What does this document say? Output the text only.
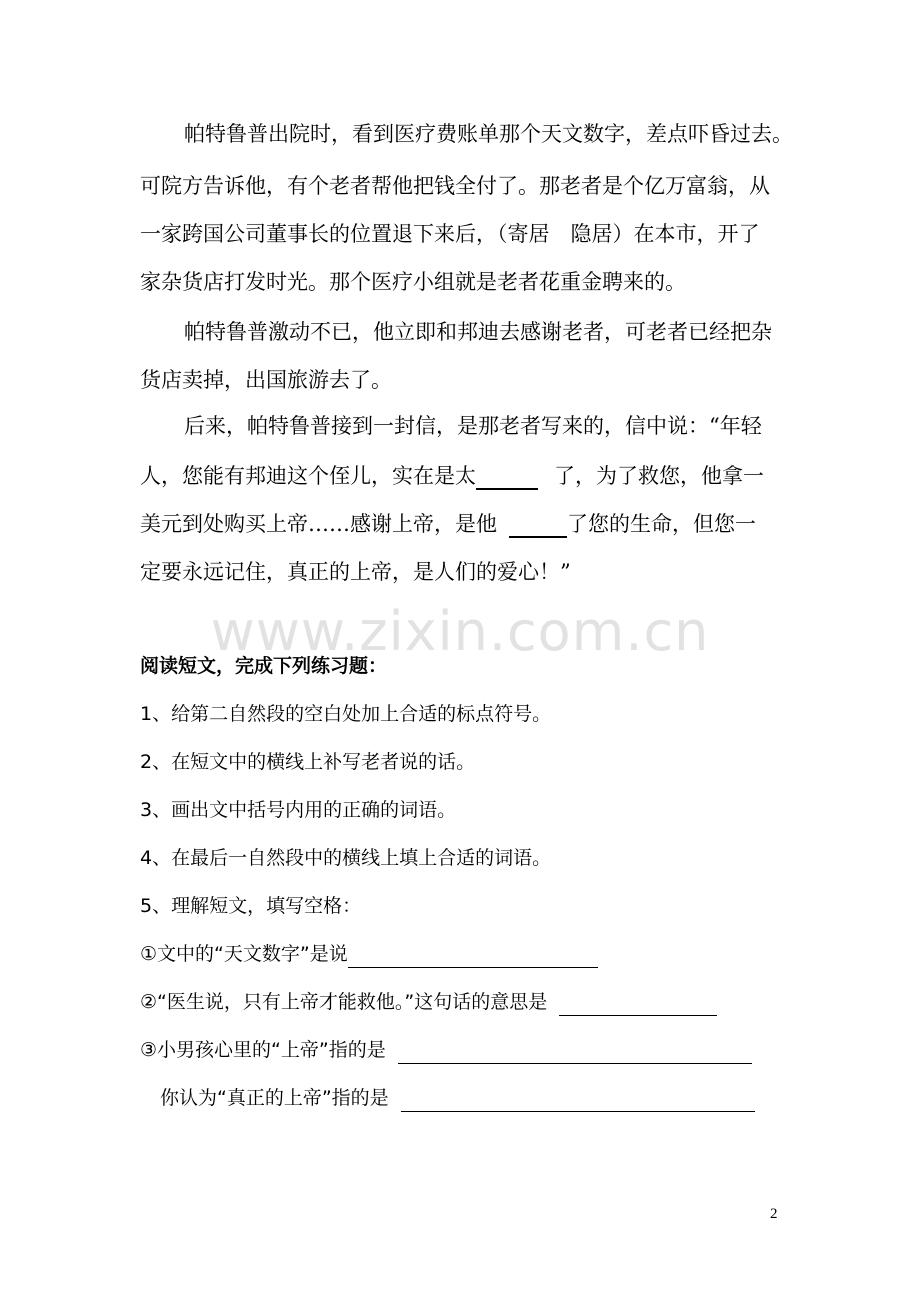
帕特鲁普出院时，看到医疗费账单那个天文数字，差点吓昏过去。
可院方告诉他，有个老者帮他把钱全付了。那老者是个亿万富翁，从
一家跨国公司董事长的位置退下来后，（寄居　隐居）在本市，开了
家杂货店打发时光。那个医疗小组就是老者花重金聘来的。
帕特鲁普激动不已，他立即和邦迪去感谢老者，可老者已经把杂
货店卖掉，出国旅游去了。
后来，帕特鲁普接到一封信，是那老者写来的，信中说：“年轻
人，您能有邦迪这个侄儿，实在是太	了，为了救您，他拿一
美元到处购买上帝……感谢上帝，是他	了您的生命，但您一
定要永远记住，真正的上帝，是人们的爱心！”
www.zixin.com.cn
阅读短文，完成下列练习题：
1、给第二自然段的空白处加上合适的标点符号。
2、在短文中的横线上补写老者说的话。
3、画出文中括号内用的正确的词语。
4、在最后一自然段中的横线上填上合适的词语。
5、理解短文，填写空格：
①文中的“天文数字”是说
②“医生说，只有上帝才能救他。”这句话的意思是
③小男孩心里的“上帝”指的是
你认为“真正的上帝”指的是
2
